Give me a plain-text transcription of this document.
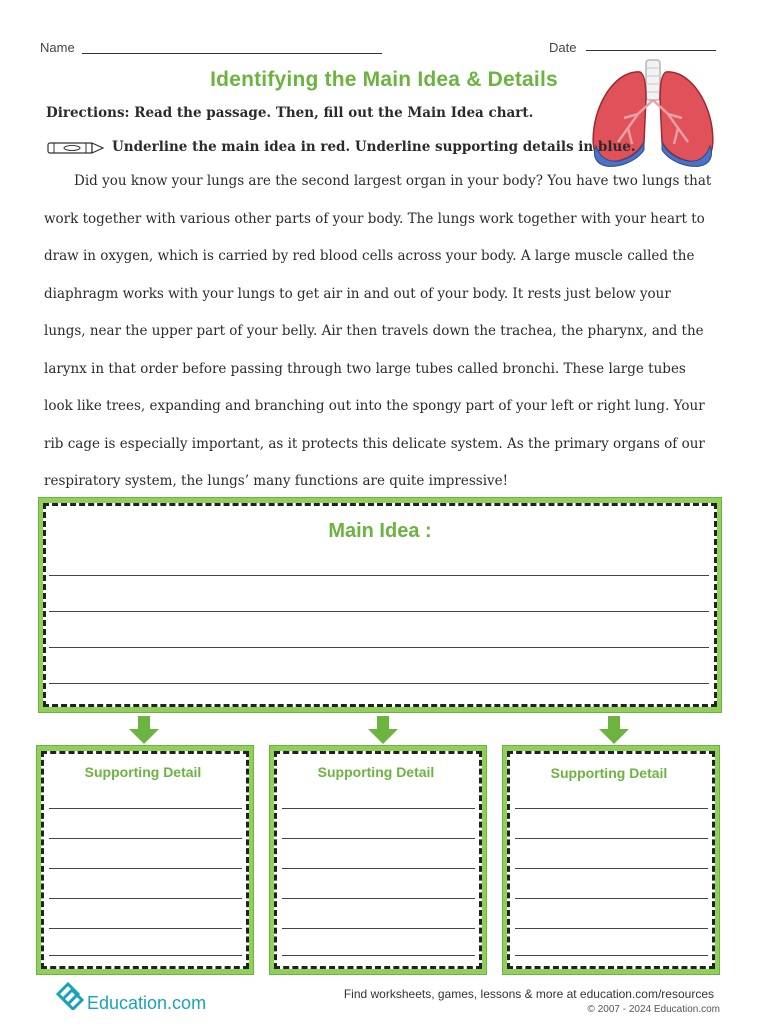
Name	Date
Identifying the Main Idea & Details
Directions: Read the passage. Then, fill out the Main Idea chart.
Underline the main idea in red. Underline supporting details in blue.

Did you know your lungs are the second largest organ in your body? You have two lungs that work together with various other parts of your body. The lungs work together with your heart to draw in oxygen, which is carried by red blood cells across your body. A large muscle called the diaphragm works with your lungs to get air in and out of your body. It rests just below your lungs, near the upper part of your belly. Air then travels down the trachea, the pharynx, and the larynx in that order before passing through two large tubes called bronchi. These large tubes look like trees, expanding and branching out into the spongy part of your left or right lung. Your rib cage is especially important, as it protects this delicate system. As the primary organs of our respiratory system, the lungs’ many functions are quite impressive!

Main Idea :
Supporting Detail	Supporting Detail	Supporting Detail
Education.com	Find worksheets, games, lessons & more at education.com/resources
© 2007 - 2024 Education.com
